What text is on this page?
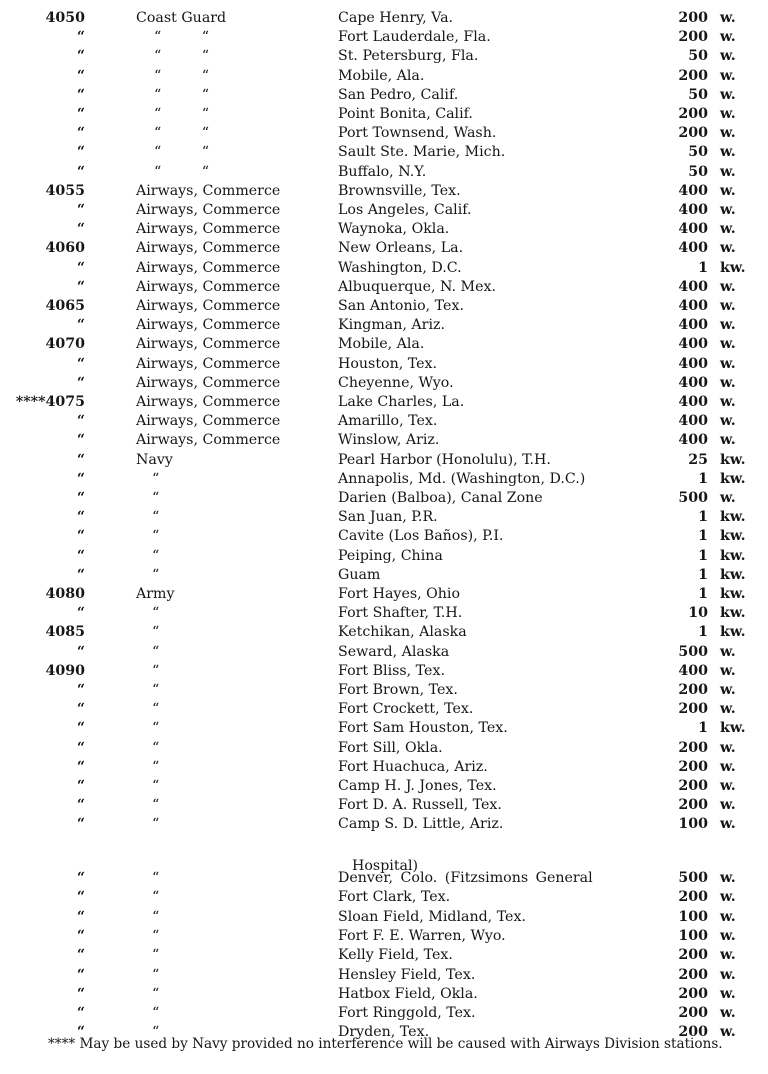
4050	Coast Guard	Cape Henry, Va.	200 w.
“	“ “	Fort Lauderdale, Fla.	200 w.
“	“ “	St. Petersburg, Fla.	50 w.
“	“ “	Mobile, Ala.	200 w.
“	“ “	San Pedro, Calif.	50 w.
“	“ “	Point Bonita, Calif.	200 w.
“	“ “	Port Townsend, Wash.	200 w.
“	“ “	Sault Ste. Marie, Mich.	50 w.
“	“ “	Buffalo, N.Y.	50 w.
4055	Airways, Commerce	Brownsville, Tex.	400 w.
“	Airways, Commerce	Los Angeles, Calif.	400 w.
“	Airways, Commerce	Waynoka, Okla.	400 w.
4060	Airways, Commerce	New Orleans, La.	400 w.
“	Airways, Commerce	Washington, D.C.	1 kw.
“	Airways, Commerce	Albuquerque, N. Mex.	400 w.
4065	Airways, Commerce	San Antonio, Tex.	400 w.
“	Airways, Commerce	Kingman, Ariz.	400 w.
4070	Airways, Commerce	Mobile, Ala.	400 w.
“	Airways, Commerce	Houston, Tex.	400 w.
“	Airways, Commerce	Cheyenne, Wyo.	400 w.
****4075	Airways, Commerce	Lake Charles, La.	400 w.
“	Airways, Commerce	Amarillo, Tex.	400 w.
“	Airways, Commerce	Winslow, Ariz.	400 w.
“	Navy	Pearl Harbor (Honolulu), T.H.	25 kw.
“	“	Annapolis, Md. (Washington, D.C.)	1 kw.
“	“	Darien (Balboa), Canal Zone	500 w.
“	“	San Juan, P.R.	1 kw.
“	“	Cavite (Los Baños), P.I.	1 kw.
“	“	Peiping, China	1 kw.
“	“	Guam	1 kw.
4080	Army	Fort Hayes, Ohio	1 kw.
“	“	Fort Shafter, T.H.	10 kw.
4085	“	Ketchikan, Alaska	1 kw.
“	“	Seward, Alaska	500 w.
4090	“	Fort Bliss, Tex.	400 w.
“	“	Fort Brown, Tex.	200 w.
“	“	Fort Crockett, Tex.	200 w.
“	“	Fort Sam Houston, Tex.	1 kw.
“	“	Fort Sill, Okla.	200 w.
“	“	Fort Huachuca, Ariz.	200 w.
“	“	Camp H. J. Jones, Tex.	200 w.
“	“	Fort D. A. Russell, Tex.	200 w.
“	“	Camp S. D. Little, Ariz.	100 w.
“	“	Denver, Colo. (Fitzsimons General	500 w.
Hospital)
“	“	Fort Clark, Tex.	200 w.
“	“	Sloan Field, Midland, Tex.	100 w.
“	“	Fort F. E. Warren, Wyo.	100 w.
“	“	Kelly Field, Tex.	200 w.
“	“	Hensley Field, Tex.	200 w.
“	“	Hatbox Field, Okla.	200 w.
“	“	Fort Ringgold, Tex.	200 w.
“	“	Dryden, Tex.	200 w.
**** May be used by Navy provided no interference will be caused with Airways Division stations.
